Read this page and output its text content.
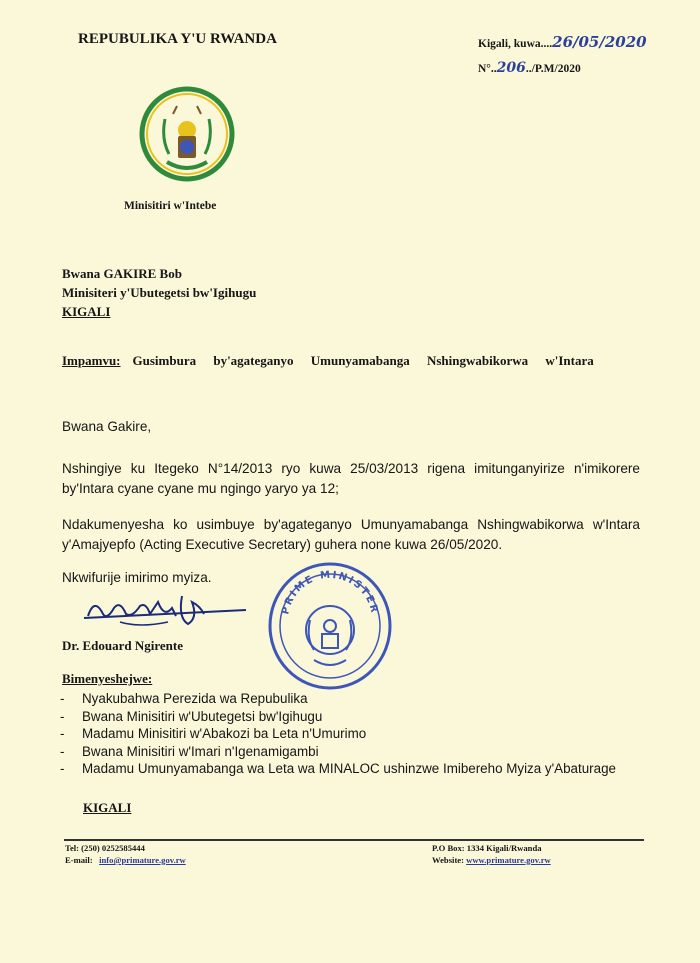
REPUBULIKA Y'U RWANDA
Minisitiri w'Intebe
Kigali, kuwa....26/05/2020
N°..206../P.M/2020
Bwana GAKIRE Bob
Minisiteri y'Ubutegetsi bw'Igihugu
KIGALI
Impamvu: Gusimbura by'agateganyo Umunyamabanga Nshingwabikorwa w'Intara
Bwana Gakire,
Nshingiye ku Itegeko N°14/2013 ryo kuwa 25/03/2013 rigena imitunganyirize n'imikorere by'Intara cyane cyane mu ngingo yaryo ya 12;
Ndakumenyesha ko usimbuye by'agateganyo Umunyamabanga Nshingwabikorwa w'Intara y'Amajyepfo (Acting Executive Secretary) guhera none kuwa 26/05/2020.
Nkwifurije imirimo myiza.
PRIME MINISTER
Dr. Edouard Ngirente
Bimenyeshejwe:
- Nyakubahwa Perezida wa Repubulika
- Bwana Minisitiri w'Ubutegetsi bw'Igihugu
- Madamu Minisitiri w'Abakozi ba Leta n'Umurimo
- Bwana Minisitiri w'Imari n'Igenamigambi
- Madamu Umunyamabanga wa Leta wa MINALOC ushinzwe Imibereho Myiza y'Abaturage
KIGALI
Tel: (250) 0252585444
E-mail: info@primature.gov.rw
P.O Box: 1334 Kigali/Rwanda
Website: www.primature.gov.rw
